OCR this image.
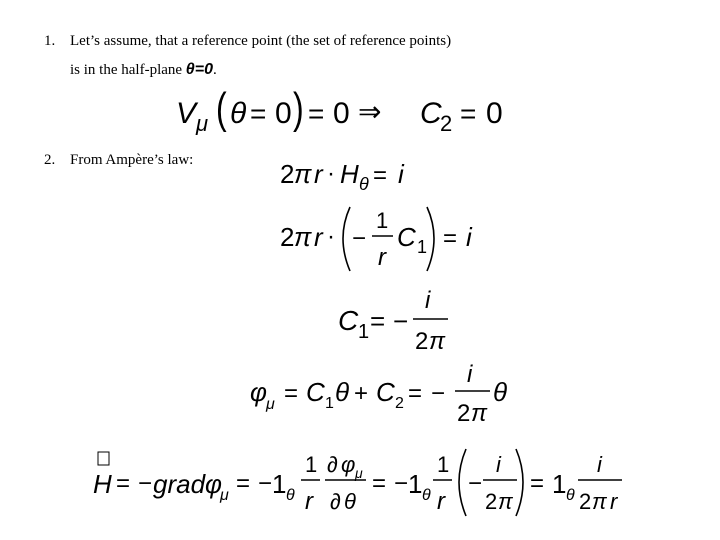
1. Let’s assume, that a reference point (the set of reference points)
is in the half-plane θ=0.
2. From Ampère’s law:
V μ ( θ = 0 ) = 0 ⇒ C
2 = 0
2 π r · H θ = i
2 π r · −
1
r
C 1 = i
C 1 = −
i
2 π
φ μ = C 1 θ + C 2 = −
i
2 π
θ
H = − grad φ
μ = − 1 θ
1
r
∂ φ μ
∂ θ
= − 1 θ
1
r
−
i
2 π
= 1 θ
i
2 π r
